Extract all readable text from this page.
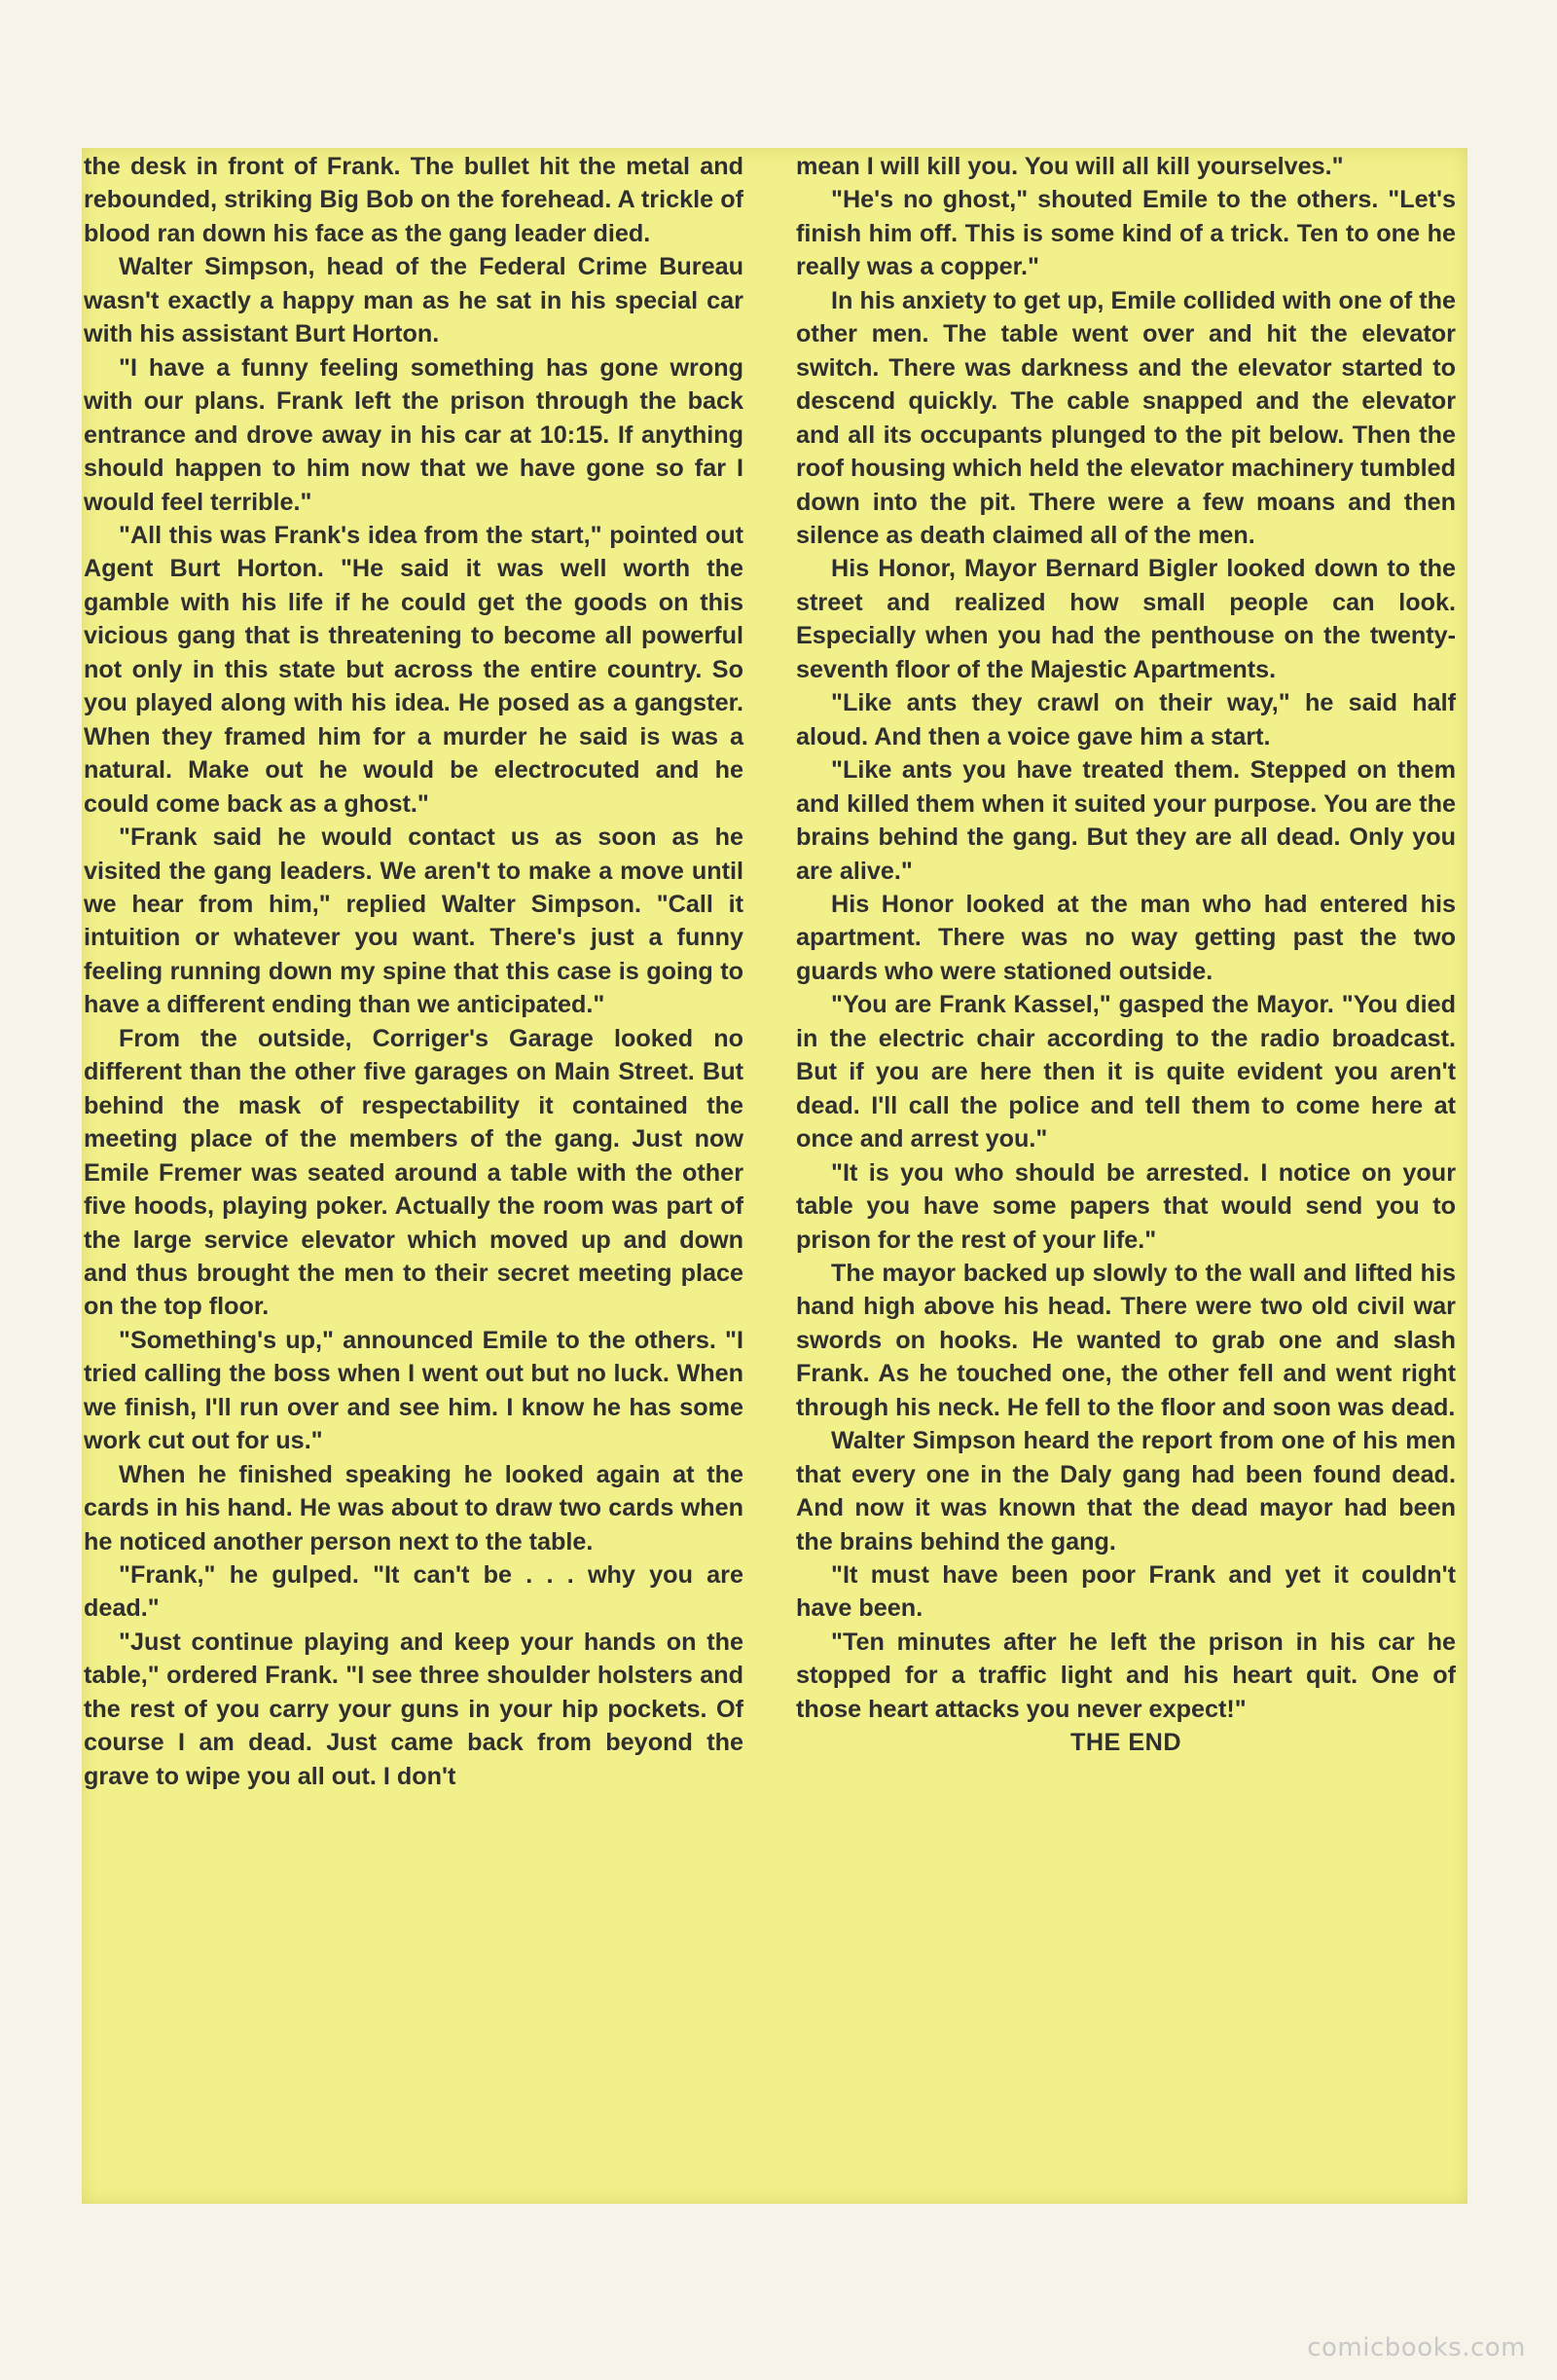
the desk in front of Frank. The bullet hit the metal and rebounded, striking Big Bob on the forehead. A trickle of blood ran down his face as the gang leader died.

Walter Simpson, head of the Federal Crime Bureau wasn't exactly a happy man as he sat in his special car with his assistant Burt Horton.

"I have a funny feeling something has gone wrong with our plans. Frank left the prison through the back entrance and drove away in his car at 10:15. If anything should happen to him now that we have gone so far I would feel terrible."

"All this was Frank's idea from the start," pointed out Agent Burt Horton. "He said it was well worth the gamble with his life if he could get the goods on this vicious gang that is threatening to become all powerful not only in this state but across the entire country. So you played along with his idea. He posed as a gangster. When they framed him for a murder he said is was a natural. Make out he would be electrocuted and he could come back as a ghost."

"Frank said he would contact us as soon as he visited the gang leaders. We aren't to make a move until we hear from him," replied Walter Simpson. "Call it intuition or whatever you want. There's just a funny feeling running down my spine that this case is going to have a different ending than we anticipated."

From the outside, Corriger's Garage looked no different than the other five garages on Main Street. But behind the mask of respectability it contained the meeting place of the members of the gang. Just now Emile Fremer was seated around a table with the other five hoods, playing poker. Actually the room was part of the large service elevator which moved up and down and thus brought the men to their secret meeting place on the top floor.

"Something's up," announced Emile to the others. "I tried calling the boss when I went out but no luck. When we finish, I'll run over and see him. I know he has some work cut out for us."

When he finished speaking he looked again at the cards in his hand. He was about to draw two cards when he noticed another person next to the table.

"Frank," he gulped. "It can't be . . . why you are dead."

"Just continue playing and keep your hands on the table," ordered Frank. "I see three shoulder holsters and the rest of you carry your guns in your hip pockets. Of course I am dead. Just came back from beyond the grave to wipe you all out. I don't

mean I will kill you. You will all kill yourselves."

"He's no ghost," shouted Emile to the others. "Let's finish him off. This is some kind of a trick. Ten to one he really was a copper."

In his anxiety to get up, Emile collided with one of the other men. The table went over and hit the elevator switch. There was darkness and the elevator started to descend quickly. The cable snapped and the elevator and all its occupants plunged to the pit below. Then the roof housing which held the elevator machinery tumbled down into the pit. There were a few moans and then silence as death claimed all of the men.

His Honor, Mayor Bernard Bigler looked down to the street and realized how small people can look. Especially when you had the penthouse on the twenty-seventh floor of the Majestic Apartments.

"Like ants they crawl on their way," he said half aloud. And then a voice gave him a start.

"Like ants you have treated them. Stepped on them and killed them when it suited your purpose. You are the brains behind the gang. But they are all dead. Only you are alive."

His Honor looked at the man who had entered his apartment. There was no way getting past the two guards who were stationed outside.

"You are Frank Kassel," gasped the Mayor. "You died in the electric chair according to the radio broadcast. But if you are here then it is quite evident you aren't dead. I'll call the police and tell them to come here at once and arrest you."

"It is you who should be arrested. I notice on your table you have some papers that would send you to prison for the rest of your life."

The mayor backed up slowly to the wall and lifted his hand high above his head. There were two old civil war swords on hooks. He wanted to grab one and slash Frank. As he touched one, the other fell and went right through his neck. He fell to the floor and soon was dead.

Walter Simpson heard the report from one of his men that every one in the Daly gang had been found dead. And now it was known that the dead mayor had been the brains behind the gang.

"It must have been poor Frank and yet it couldn't have been.

"Ten minutes after he left the prison in his car he stopped for a traffic light and his heart quit. One of those heart attacks you never expect!"

THE END

comicbooks.com
